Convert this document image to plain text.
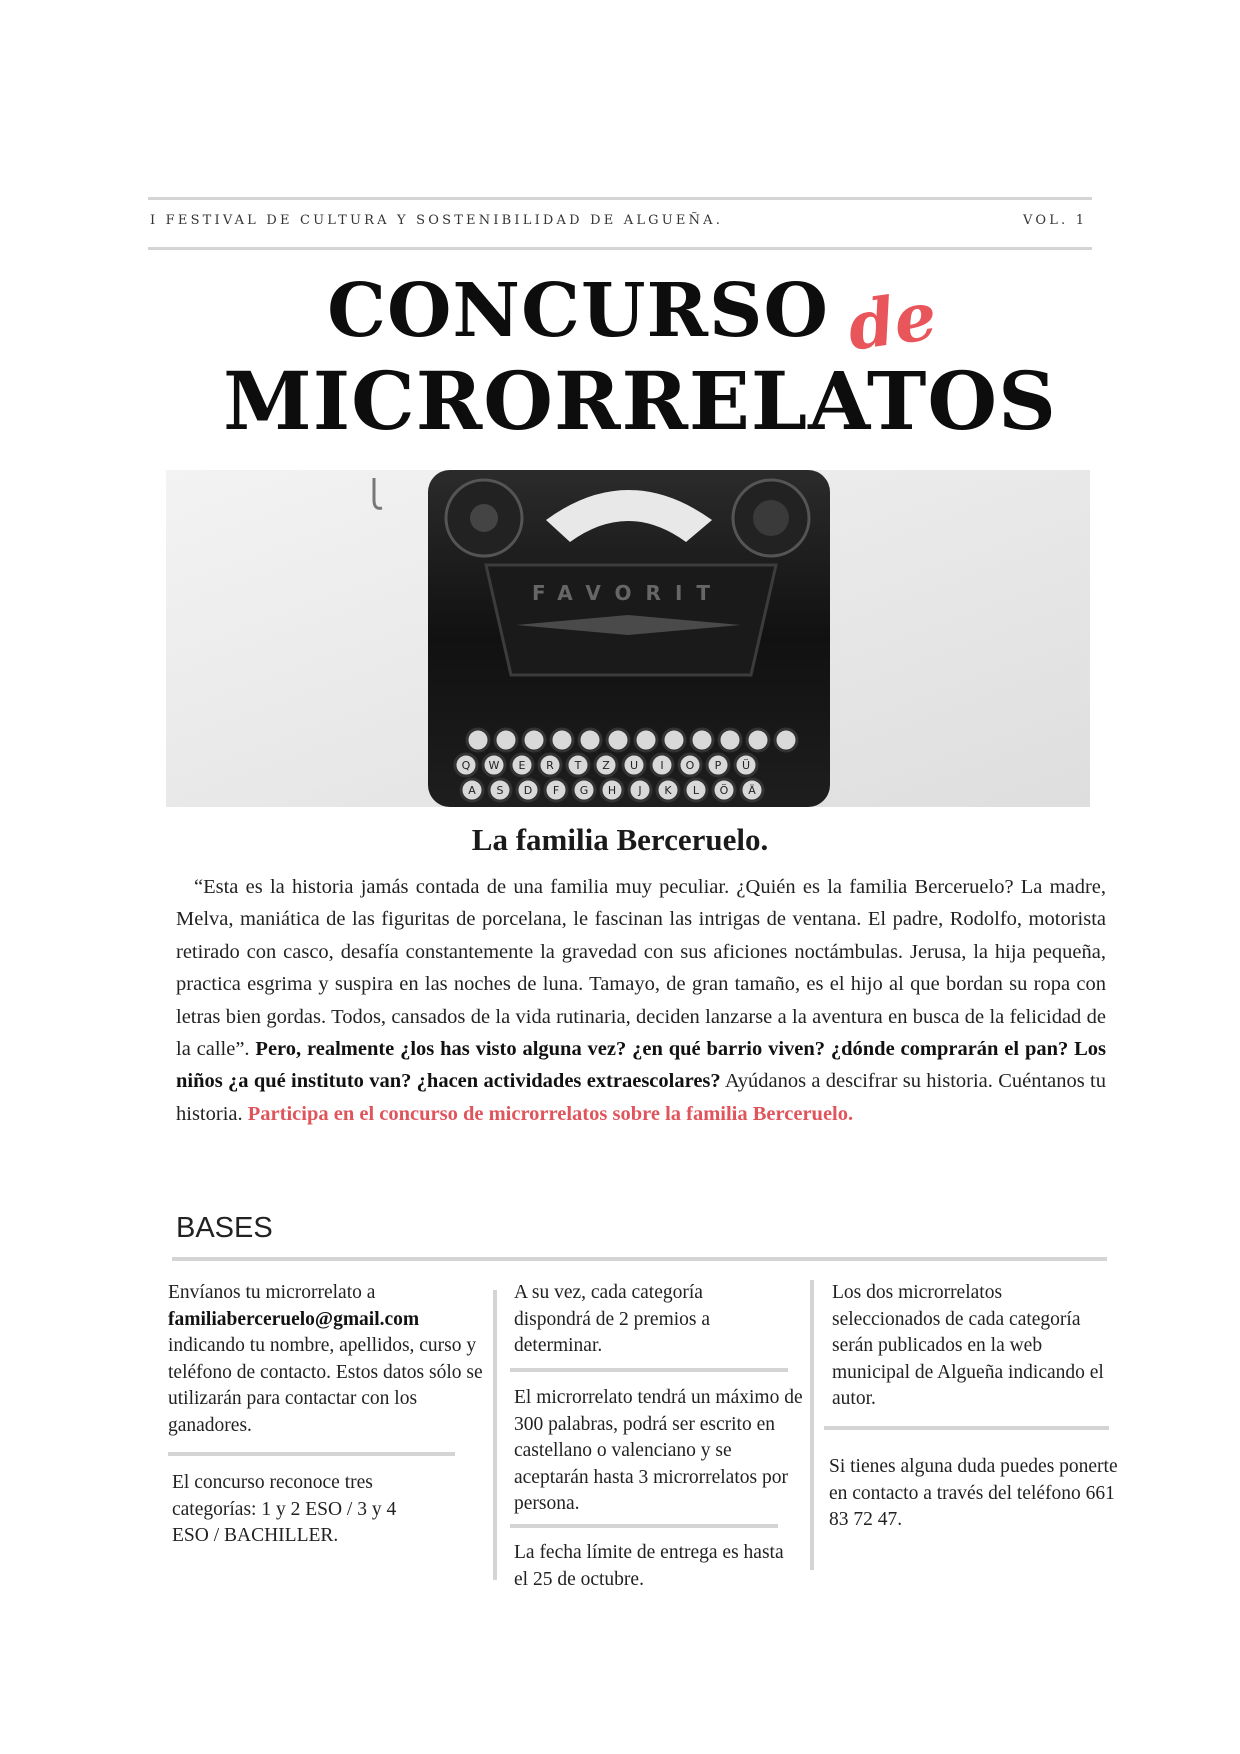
I FESTIVAL DE CULTURA Y SOSTENIBILIDAD DE ALGUEÑA.	VOL. 1
CONCURSO de
MICRORRELATOS
FAVORIT
Q W E R T Z U I O P Ü
A S D F G H J K L Ö Ä
La familia Berceruelo.
“Esta es la historia jamás contada de una familia muy peculiar. ¿Quién es la familia Berceruelo? La madre, Melva, maniática de las figuritas de porcelana, le fascinan las intrigas de ventana. El padre, Rodolfo, motorista retirado con casco, desafía constantemente la gravedad con sus aficiones noctámbulas. Jerusa, la hija pequeña, practica esgrima y suspira en las noches de luna. Tamayo, de gran tamaño, es el hijo al que bordan su ropa con letras bien gordas. Todos, cansados de la vida rutinaria, deciden lanzarse a la aventura en busca de la felicidad de la calle”. Pero, realmente ¿los has visto alguna vez? ¿en qué barrio viven? ¿dónde comprarán el pan? Los niños ¿a qué instituto van? ¿hacen actividades extraescolares? Ayúdanos a descifrar su historia. Cuéntanos tu historia. Participa en el concurso de microrrelatos sobre la familia Berceruelo.
BASES
Envíanos tu microrrelato a
familiaberceruelo@gmail.com
indicando tu nombre, apellidos, curso y teléfono de contacto. Estos datos sólo se utilizarán para contactar con los ganadores.
El concurso reconoce tres categorías: 1 y 2 ESO / 3 y 4 ESO / BACHILLER.
A su vez, cada categoría dispondrá de 2 premios a determinar.
El microrrelato tendrá un máximo de 300 palabras, podrá ser escrito en castellano o valenciano y se aceptarán hasta 3 microrrelatos por persona.
La fecha límite de entrega es hasta el 25 de octubre.
Los dos microrrelatos seleccionados de cada categoría serán publicados en la web municipal de Algueña indicando el autor.
Si tienes alguna duda puedes ponerte en contacto a través del teléfono 661 83 72 47.
